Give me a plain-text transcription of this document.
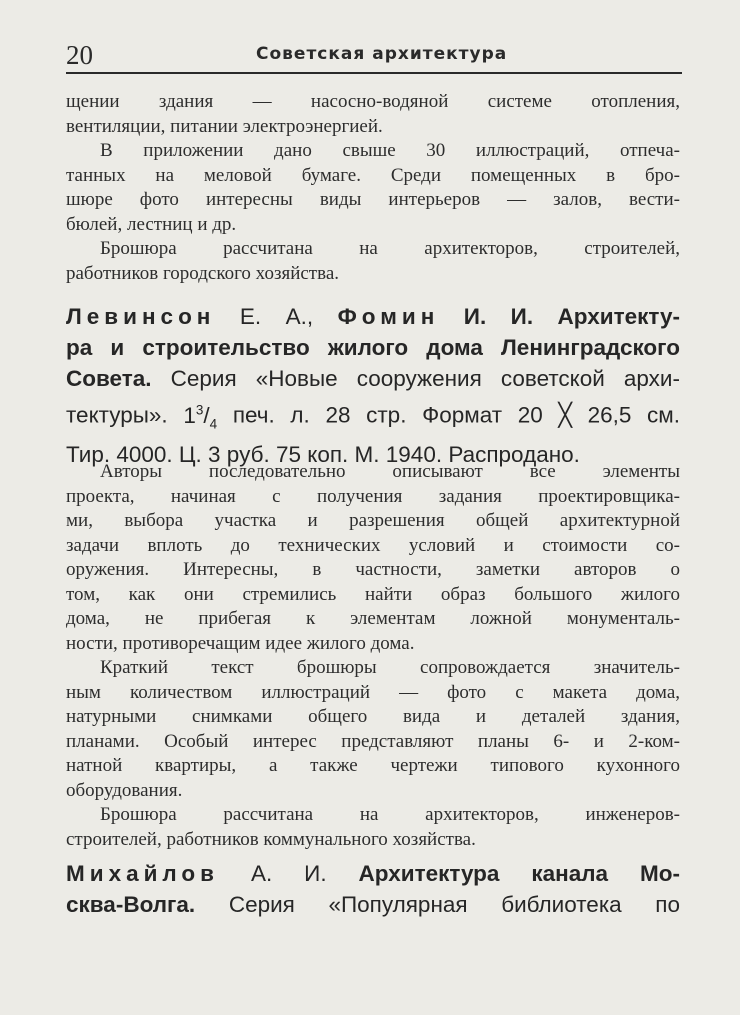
20	Советская архитектура
щении здания — насосно-водяной системе отопления,
вентиляции, питании электроэнергией.
В приложении дано свыше 30 иллюстраций, отпеча-
танных на меловой бумаге. Среди помещенных в бро-
шюре фото интересны виды интерьеров — залов, вести-
бюлей, лестниц и др.
Брошюра рассчитана на архитекторов, строителей,
работников городского хозяйства.
Левинсон Е. А., Фомин И. И. Архитекту-
ра и строительство жилого дома Ленинградского
Совета. Серия «Новые сооружения советской архи-
тектуры». $1^3/_4$ печ. л. 28 стр. Формат 20 ╳ 26,5 см.
Тир. 4000. Ц. 3 руб. 75 коп. М. 1940. Распродано.
Авторы последовательно описывают все элементы
проекта, начиная с получения задания проектировщика-
ми, выбора участка и разрешения общей архитектурной
задачи вплоть до технических условий и стоимости со-
оружения. Интересны, в частности, заметки авторов о
том, как они стремились найти образ большого жилого
дома, не прибегая к элементам ложной монументаль-
ности, противоречащим идее жилого дома.
Краткий текст брошюры сопровождается значитель-
ным количеством иллюстраций — фото с макета дома,
натурными снимками общего вида и деталей здания,
планами. Особый интерес представляют планы 6- и 2-ком-
натной квартиры, а также чертежи типового кухонного
оборудования.
Брошюра рассчитана на архитекторов, инженеров-
строителей, работников коммунального хозяйства.
Михайлов А. И. Архитектура канала Мо-
сква-Волга. Серия «Популярная библиотека по
